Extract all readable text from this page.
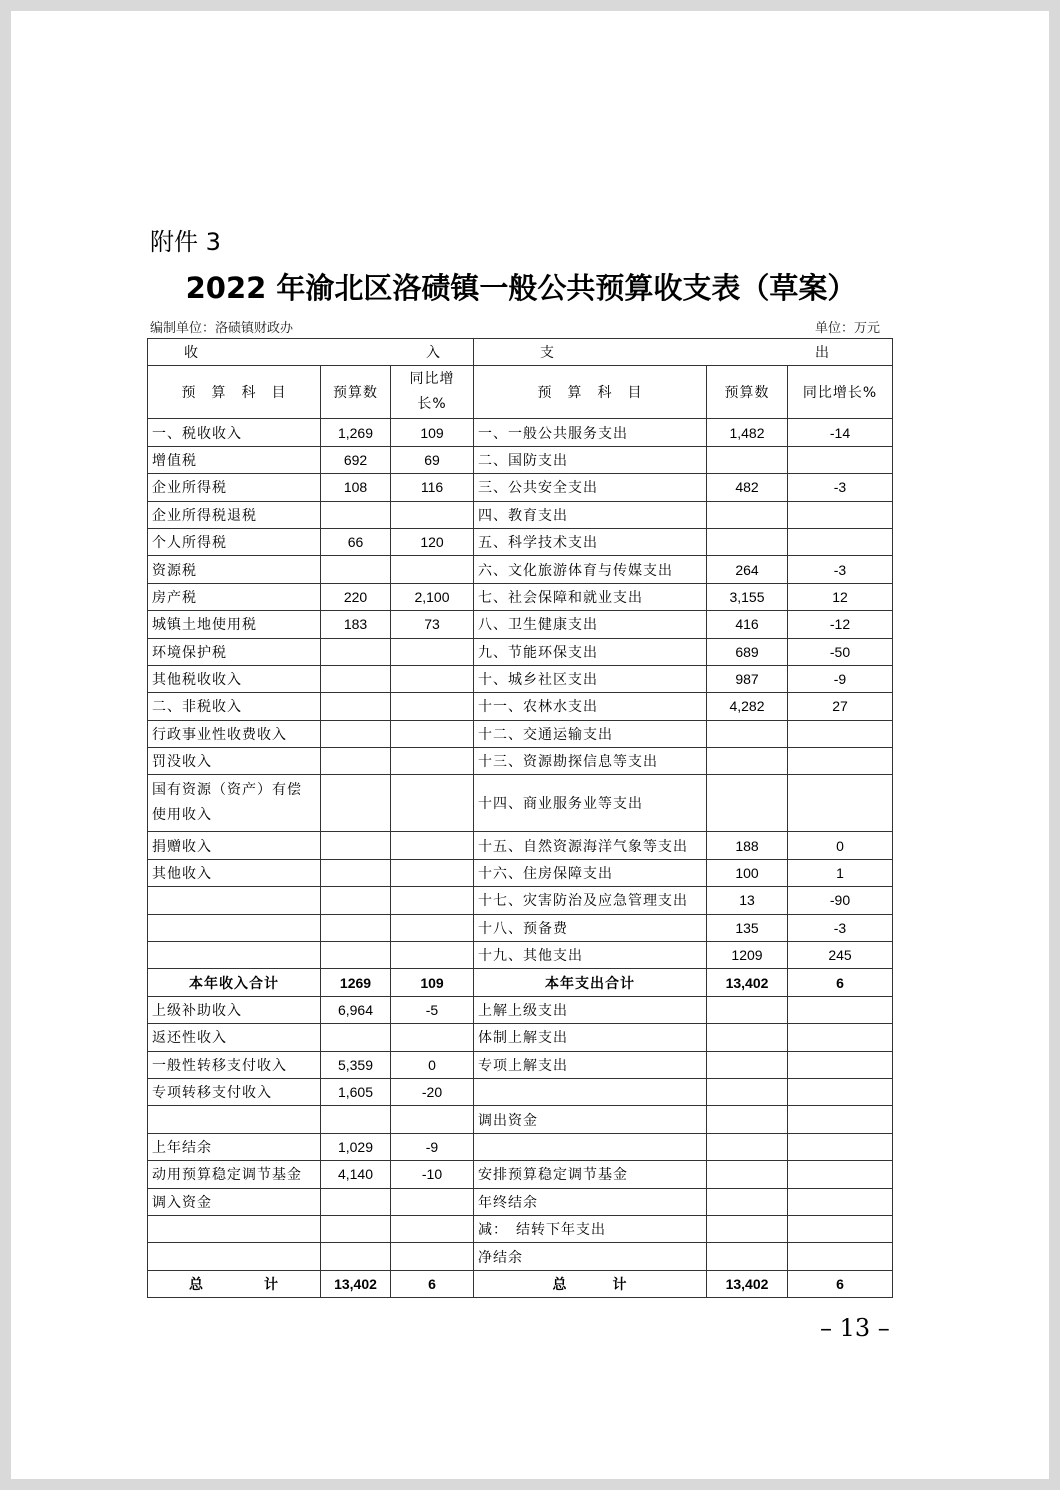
附件 3
2022 年渝北区洛碛镇一般公共预算收支表（草案）
编制单位：洛碛镇财政办	单位：万元
收 入			支 出		

预　算　科　目	预算数	同比增长%	预　算　科　目	预算数	同比增长%
一、税收收入	1,269	109	一、一般公共服务支出	1,482	-14
增值税	692	69	二、国防支出		
企业所得税	108	116	三、公共安全支出	482	-3
企业所得税退税			四、教育支出		
个人所得税	66	120	五、科学技术支出		
资源税			六、文化旅游体育与传媒支出	264	-3
房产税	220	2,100	七、社会保障和就业支出	3,155	12
城镇土地使用税	183	73	八、卫生健康支出	416	-12
环境保护税			九、节能环保支出	689	-50
其他税收收入			十、城乡社区支出	987	-9
二、非税收入			十一、农林水支出	4,282	27
行政事业性收费收入			十二、交通运输支出		
罚没收入			十三、资源勘探信息等支出		
国有资源（资产）有偿使用收入			十四、商业服务业等支出		
捐赠收入			十五、自然资源海洋气象等支出	188	0
其他收入			十六、住房保障支出	100	1
			十七、灾害防治及应急管理支出	13	-90
			十八、预备费	135	-3
			十九、其他支出	1209	245
本年收入合计	1269	109	本年支出合计	13,402	6
上级补助收入	6,964	-5	上解上级支出		
返还性收入			体制上解支出		
一般性转移支付收入	5,359	0	专项上解支出		
专项转移支付收入	1,605	-20			
			调出资金		
上年结余	1,029	-9			
动用预算稳定调节基金	4,140	-10	安排预算稳定调节基金		
调入资金			年终结余		
			减：　结转下年支出		
			净结余		
总　　　　计	13,402	6	总　　　计	13,402	6
– 13 –
